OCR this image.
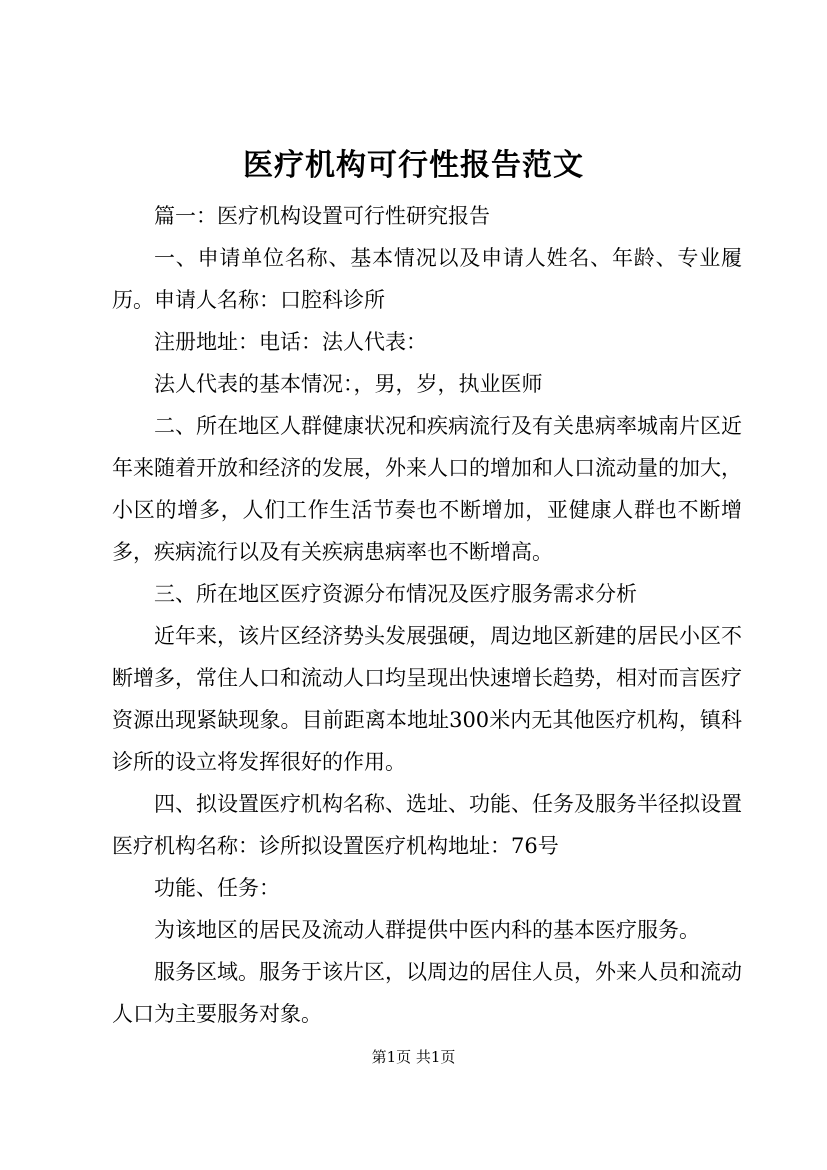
医疗机构可行性报告范文

篇一：医疗机构设置可行性研究报告

一、申请单位名称、基本情况以及申请人姓名、年龄、专业履历。申请人名称：口腔科诊所

注册地址：电话：法人代表：

法人代表的基本情况：，男，岁，执业医师

二、所在地区人群健康状况和疾病流行及有关患病率城南片区近年来随着开放和经济的发展，外来人口的增加和人口流动量的加大，小区的增多，人们工作生活节奏也不断增加，亚健康人群也不断增多，疾病流行以及有关疾病患病率也不断增高。

三、所在地区医疗资源分布情况及医疗服务需求分析

近年来，该片区经济势头发展强硬，周边地区新建的居民小区不断增多，常住人口和流动人口均呈现出快速增长趋势，相对而言医疗资源出现紧缺现象。目前距离本地址300米内无其他医疗机构，镇科诊所的设立将发挥很好的作用。

四、拟设置医疗机构名称、选址、功能、任务及服务半径拟设置医疗机构名称：诊所拟设置医疗机构地址：76号

功能、任务：

为该地区的居民及流动人群提供中医内科的基本医疗服务。

服务区域。服务于该片区，以周边的居住人员，外来人员和流动人口为主要服务对象。

第1页 共1页
